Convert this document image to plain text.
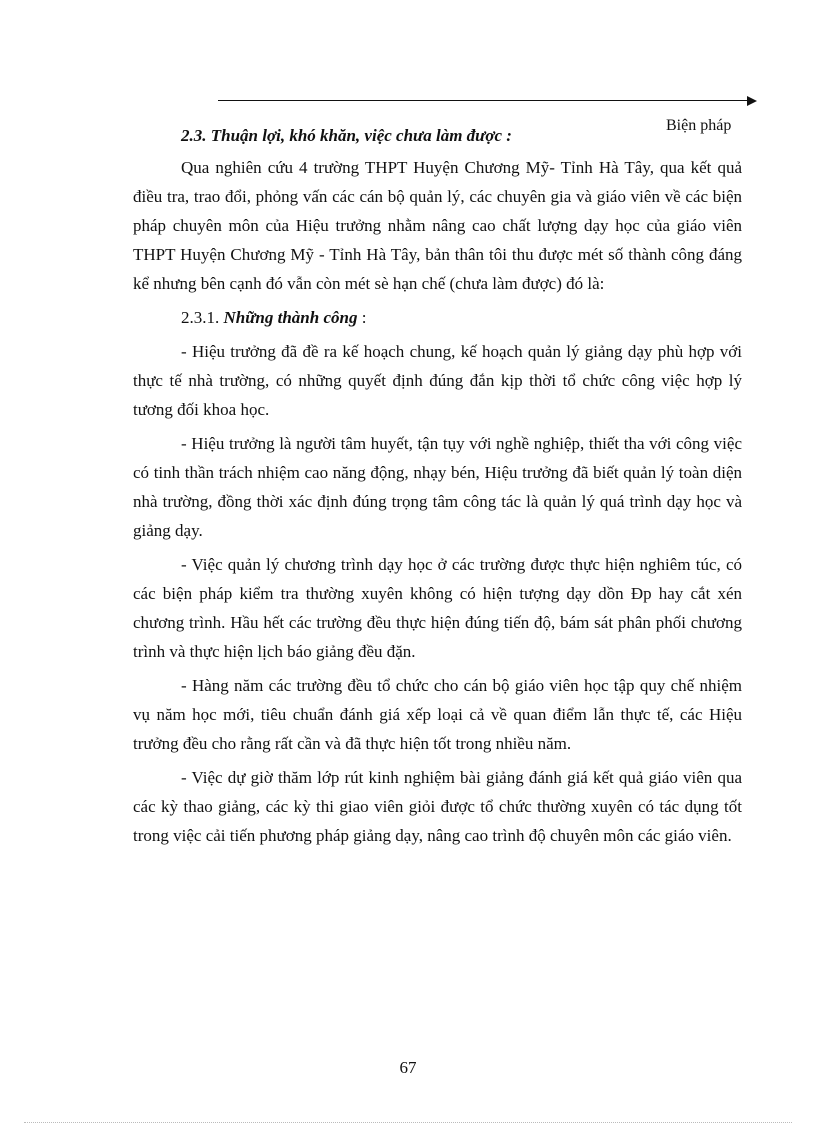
Biện pháp

2.3. Thuận lợi, khó khăn, việc chưa làm được :

Qua nghiên cứu 4 trường THPT Huyện Chương Mỹ- Tỉnh Hà Tây, qua kết quả điều tra, trao đổi, phỏng vấn các cán bộ quản lý, các chuyên gia và giáo viên về các biện pháp chuyên môn của Hiệu trưởng nhằm nâng cao chất lượng dạy học của giáo viên THPT Huyện Chương Mỹ - Tỉnh Hà Tây, bản thân tôi thu được mét số thành công đáng kể nhưng bên cạnh đó vẫn còn mét sè hạn chế (chưa làm được) đó là:

2.3.1. Những thành công :

- Hiệu trưởng đã đề ra kế hoạch chung, kế hoạch quản lý giảng dạy phù hợp với thực tế nhà trường, có những quyết định đúng đắn kịp thời tổ chức công việc hợp lý tương đối khoa học.

- Hiệu trưởng là người tâm huyết, tận tụy với nghề nghiệp, thiết tha với công việc có tinh thần trách nhiệm cao năng động, nhạy bén, Hiệu trưởng đã biết quản lý toàn diện nhà trường, đồng thời xác định đúng trọng tâm công tác là quản lý quá trình dạy học và giảng dạy.

- Việc quản lý chương trình dạy học ở các trường được thực hiện nghiêm túc, có các biện pháp kiểm tra thường xuyên không có hiện tượng dạy dồn Đp hay cắt xén chương trình. Hầu hết các trường đều thực hiện đúng tiến độ, bám sát phân phối chương trình và thực hiện lịch báo giảng đều đặn.

- Hàng năm các trường đều tổ chức cho cán bộ giáo viên học tập quy chế nhiệm vụ năm học mới, tiêu chuẩn đánh giá xếp loại cả về quan điểm lẫn thực tế, các Hiệu trưởng đều cho rằng rất cần và đã thực hiện tốt trong nhiều năm.

- Việc dự giờ thăm lớp rút kinh nghiệm bài giảng đánh giá kết quả giáo viên qua các kỳ thao giảng, các kỳ thi giao viên giỏi được tổ chức thường xuyên có tác dụng tốt trong việc cải tiến phương pháp giảng dạy, nâng cao trình độ chuyên môn các giáo viên.

67
